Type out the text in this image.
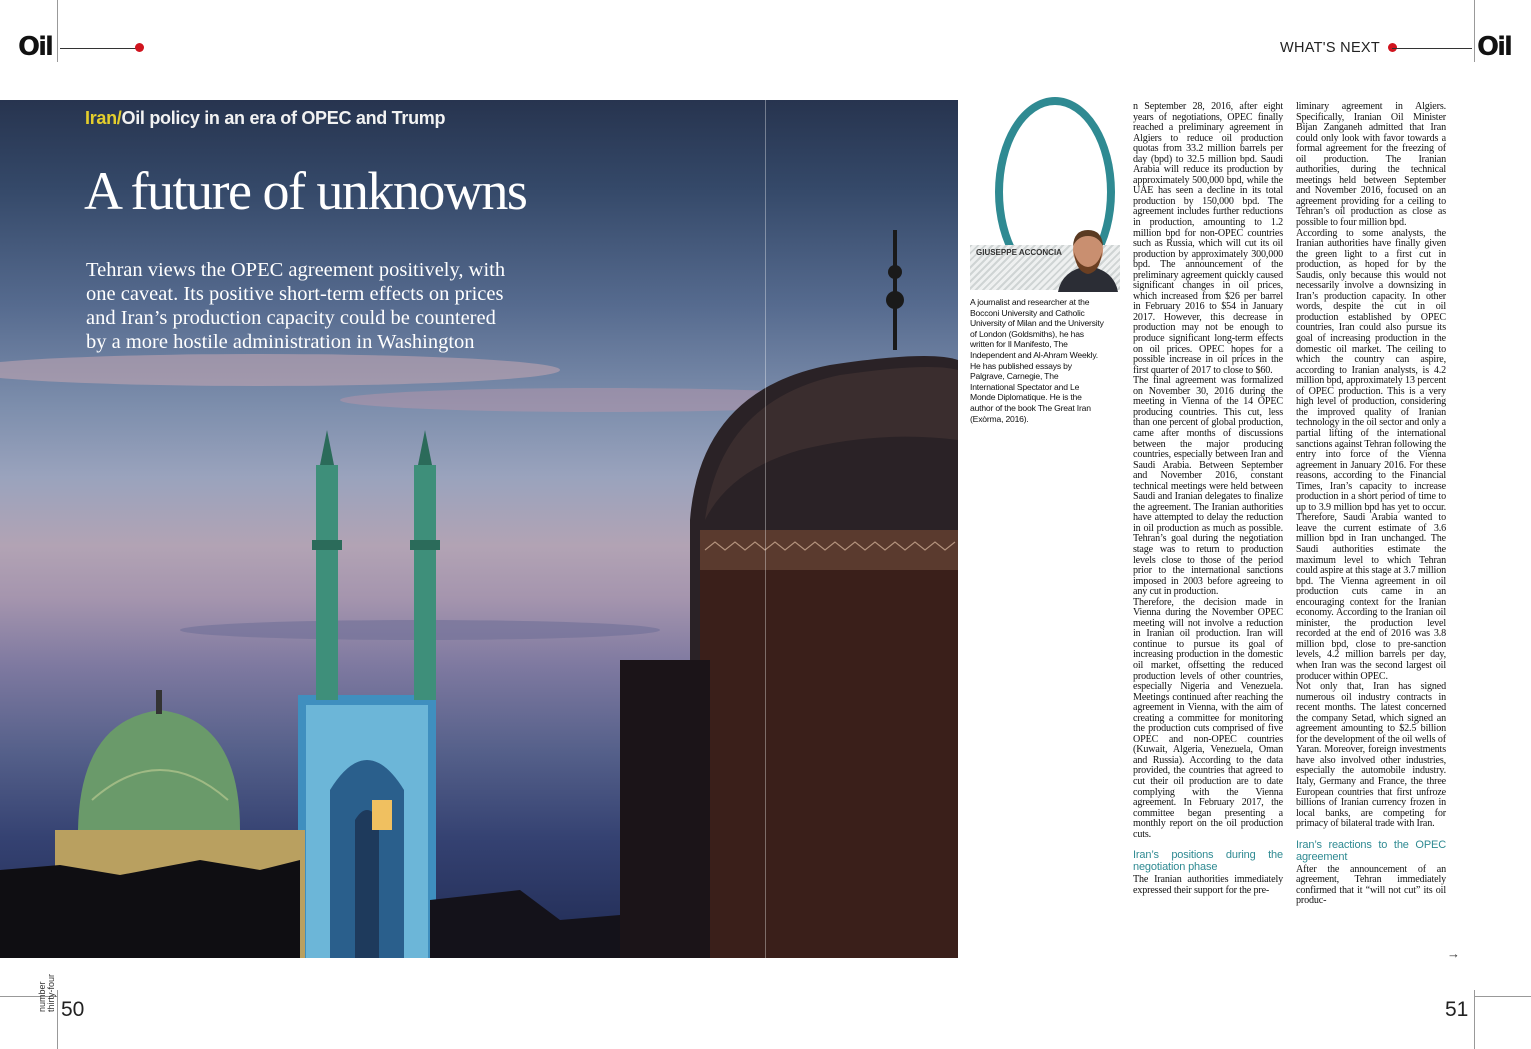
Oil	WHAT'S NEXT	Oil
Iran/Oil policy in an era of OPEC and Trump
A future of unknowns
Tehran views the OPEC agreement positively, with one caveat. Its positive short-term effects on prices and Iran’s production capacity could be countered by a more hostile administration in Washington
GIUSEPPE ACCONCIA
A journalist and researcher at the Bocconi University and Catholic University of Milan and the University of London (Goldsmiths), he has written for Il Manifesto, The Independent and Al-Ahram Weekly. He has published essays by Palgrave, Carnegie, The International Spectator and Le Monde Diplomatique. He is the author of the book The Great Iran (Exòrma, 2016).

n September 28, 2016, after eight years of negotiations, OPEC finally reached a preliminary agreement in Algiers to reduce oil production quotas from 33.2 million barrels per day (bpd) to 32.5 million bpd. Saudi Arabia will reduce its production by approximately 500,000 bpd, while the UAE has seen a decline in its total production by 150,000 bpd. The agreement includes further reductions in production, amounting to 1.2 million bpd for non-OPEC countries such as Russia, which will cut its oil production by approximately 300,000 bpd. The announcement of the preliminary agreement quickly caused significant changes in oil prices, which increased from $26 per barrel in February 2016 to $54 in January 2017. However, this decrease in production may not be enough to produce significant long-term effects on oil prices. OPEC hopes for a possible increase in oil prices in the first quarter of 2017 to close to $60.

The final agreement was formalized on November 30, 2016 during the meeting in Vienna of the 14 OPEC producing countries. This cut, less than one percent of global production, came after months of discussions between the major producing countries, especially between Iran and Saudi Arabia. Between September and November 2016, constant technical meetings were held between Saudi and Iranian delegates to finalize the agreement. The Iranian authorities have attempted to delay the reduction in oil production as much as possible. Tehran’s goal during the negotiation stage was to return to production levels close to those of the period prior to the international sanctions imposed in 2003 before agreeing to any cut in production.

Therefore, the decision made in Vienna during the November OPEC meeting will not involve a reduction in Iranian oil production. Iran will continue to pursue its goal of increasing production in the domestic oil market, offsetting the reduced production levels of other countries, especially Nigeria and Venezuela. Meetings continued after reaching the agreement in Vienna, with the aim of creating a committee for monitoring the production cuts comprised of five OPEC and non-OPEC countries (Kuwait, Algeria, Venezuela, Oman and Russia). According to the data provided, the countries that agreed to cut their oil production are to date complying with the Vienna agreement. In February 2017, the committee began presenting a monthly report on the oil production cuts.

Iran’s positions during the negotiation phase

The Iranian authorities immediately expressed their support for the pre-

liminary agreement in Algiers. Specifically, Iranian Oil Minister Bijan Zanganeh admitted that Iran could only look with favor towards a formal agreement for the freezing of oil production. The Iranian authorities, during the technical meetings held between September and November 2016, focused on an agreement providing for a ceiling to Tehran’s oil production as close as possible to four million bpd.

According to some analysts, the Iranian authorities have finally given the green light to a first cut in production, as hoped for by the Saudis, only because this would not necessarily involve a downsizing in Iran’s production capacity. In other words, despite the cut in oil production established by OPEC countries, Iran could also pursue its goal of increasing production in the domestic oil market. The ceiling to which the country can aspire, according to Iranian analysts, is 4.2 million bpd, approximately 13 percent of OPEC production. This is a very high level of production, considering the improved quality of Iranian technology in the oil sector and only a partial lifting of the international sanctions against Tehran following the entry into force of the Vienna agreement in January 2016. For these reasons, according to the Financial Times, Iran’s capacity to increase production in a short period of time to up to 3.9 million bpd has yet to occur. Therefore, Saudi Arabia wanted to leave the current estimate of 3.6 million bpd in Iran unchanged. The Saudi authorities estimate the maximum level to which Tehran could aspire at this stage at 3.7 million bpd. The Vienna agreement in oil production cuts came in an encouraging context for the Iranian economy. According to the Iranian oil minister, the production level recorded at the end of 2016 was 3.8 million bpd, close to pre-sanction levels, 4.2 million barrels per day, when Iran was the second largest oil producer within OPEC.

Not only that, Iran has signed numerous oil industry contracts in recent months. The latest concerned the company Setad, which signed an agreement amounting to $2.5 billion for the development of the oil wells of Yaran. Moreover, foreign investments have also involved other industries, especially the automobile industry. Italy, Germany and France, the three European countries that first unfroze billions of Iranian currency frozen in local banks, are competing for primacy of bilateral trade with Iran.

Iran’s reactions to the OPEC agreement

After the announcement of an agreement, Tehran immediately confirmed that it “will not cut” its oil produc-

→
number thirty-four 50	51
